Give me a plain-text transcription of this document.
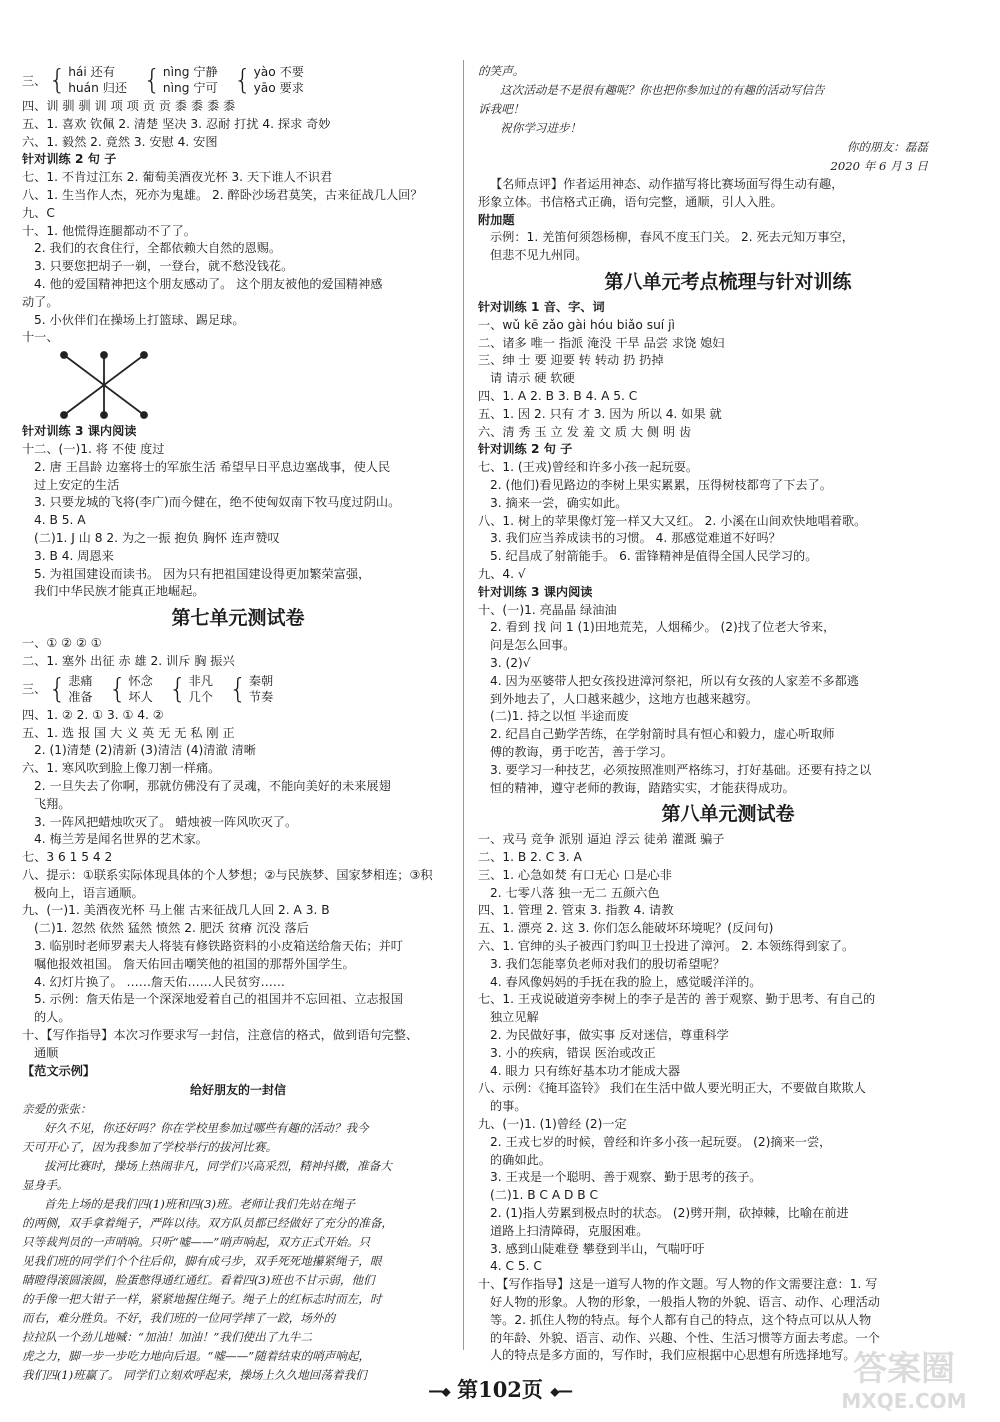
三、 { hái 还有
huán 归还 { nìng 宁静
nìng 宁可 { yào 不要
yāo 要求
四、训 驯 驯 训 项 项 贡 贡 黍 黍 黍 黍
五、1. 喜欢 钦佩 2. 清楚 坚决 3. 忍耐 打扰 4. 探求 奇妙
六、1. 毅然 2. 竟然 3. 安慰 4. 安图
针对训练 2 句 子
七、1. 不肯过江东 2. 葡萄美酒夜光杯 3. 天下谁人不识君
八、1. 生当作人杰，死亦为鬼雄。 2. 醉卧沙场君莫笑，古来征战几人回？
九、C
十、1. 他慌得连腿都动不了了。
2. 我们的衣食住行，全都依赖大自然的恩赐。
3. 只要您把胡子一剃，一登台，就不愁没钱花。
4. 他的爱国精神把这个朋友感动了。 这个朋友被他的爱国精神感
动了。
5. 小伙伴们在操场上打篮球、踢足球。
十一、
针对训练 3 课内阅读
十二、(一)1. 将 不使 度过
2. 唐 王昌龄 边塞将士的军旅生活 希望早日平息边塞战事，使人民
过上安定的生活
3. 只要龙城的飞将(李广)而今健在，绝不使匈奴南下牧马度过阴山。
4. B 5. A
(二)1. J 山 8 2. 为之一振 抱负 胸怀 连声赞叹
3. B 4. 周恩来
5. 为祖国建设而读书。 因为只有把祖国建设得更加繁荣富强，
我们中华民族才能真正地崛起。
第七单元测试卷
一、① ② ② ①
二、1. 塞外 出征 赤 雄 2. 训斥 胸 振兴
三、 { 悲痛
准备 { 怀念
坏人 { 非凡
几个 { 秦朝
节奏
四、1. ② 2. ① 3. ① 4. ②
五、1. 选 报 国 大 义 英 无 无 私 刚 正
2. (1)清楚 (2)清新 (3)清洁 (4)清澈 清晰
六、1. 寒风吹到脸上像刀割一样痛。
2. 一旦失去了你啊，那就仿佛没有了灵魂，不能向美好的未来展翅
飞翔。
3. 一阵风把蜡烛吹灭了。 蜡烛被一阵风吹灭了。
4. 梅兰芳是闻名世界的艺术家。
七、3 6 1 5 4 2
八、提示：①联系实际体现具体的个人梦想；②与民族梦、国家梦相连；③积
极向上，语言通顺。
九、(一)1. 美酒夜光杯 马上催 古来征战几人回 2. A 3. B
(二)1. 忽然 依然 猛然 愤然 2. 肥沃 贫瘠 沉没 落后
3. 临别时老师罗素夫人将装有修铁路资料的小皮箱送给詹天佑；并叮
嘱他报效祖国。 詹天佑回击嘲笑他的祖国的那帮外国学生。
4. 幻灯片换了。 ……詹天佑……人民贫穷……
5. 示例：詹天佑是一个深深地爱着自己的祖国并不忘回祖、立志报国
的人。
十、【写作指导】本次习作要求写一封信，注意信的格式，做到语句完整、
通顺
【范文示例】
给好朋友的一封信
亲爱的张张：
好久不见，你还好吗？你在学校里参加过哪些有趣的活动？我今
天可开心了，因为我参加了学校举行的拔河比赛。
拔河比赛时，操场上热闹非凡，同学们兴高采烈，精神抖擞，准备大
显身手。
首先上场的是我们四(1)班和四(3)班。老师让我们先站在绳子
的两侧，双手拿着绳子，严阵以待。双方队员都已经做好了充分的准备，
只等裁判员的一声哨响。只听“嘘——”哨声响起，双方正式开始。只
见我们班的同学们个个往后仰，脚有成弓步，双手死死地攥紧绳子，眼
睛瞪得滚圆滚圆，脸蛋憋得通红通红。看着四(3)班也不甘示弱，他们
的手像一把大钳子一样，紧紧地握住绳子。绳子上的红标志时而左，时
而右，难分胜负。不好，我们班的一位同学摔了一跤，场外的
拉拉队一个劲儿地喊：“加油！加油！”我们使出了九牛二
虎之力，脚一步一步吃力地向后退。“嘘——”随着结束的哨声响起，
我们四(1)班赢了。 同学们立刻欢呼起来，操场上久久地回荡着我们
的笑声。
这次活动是不是很有趣呢？你也把你参加过的有趣的活动写信告
诉我吧！
祝你学习进步！
你的朋友：磊磊
2020 年 6 月 3 日
【名师点评】作者运用神态、动作描写将比赛场面写得生动有趣，
形象立体。书信格式正确，语句完整，通顺，引人入胜。
附加题
示例：1. 羌笛何须怨杨柳，春风不度玉门关。 2. 死去元知万事空，
但悲不见九州同。
第八单元考点梳理与针对训练
针对训练 1 音、字、词
一、wǔ kē zǎo gài hóu biǎo suí jì
二、诸多 唯一 指派 淹没 干旱 品尝 求饶 媳妇
三、绅 士 要 迎要 转 转动 扔 扔掉
请 请示 硬 软硬
四、1. A 2. B 3. B 4. A 5. C
五、1. 因 2. 只有 才 3. 因为 所以 4. 如果 就
六、清 秀 玉 立 发 羞 文 质 大 侧 明 齿
针对训练 2 句 子
七、1. (王戎)曾经和许多小孩一起玩耍。
2. (他们)看见路边的李树上果实累累，压得树枝都弯了下去了。
3. 摘来一尝，确实如此。
八、1. 树上的苹果像灯笼一样又大又红。 2. 小溪在山间欢快地唱着歌。
3. 我们应当养成读书的习惯。 4. 那感觉难道不好吗？
5. 纪昌成了射箭能手。 6. 雷锋精神是值得全国人民学习的。
九、4. √
针对训练 3 课内阅读
十、(一)1. 亮晶晶 绿油油
2. 看到 找 问 1 (1)田地荒芜，人烟稀少。 (2)找了位老大爷来，
问是怎么回事。
3. (2)√
4. 因为巫婆带人把女孩投进漳河祭祀，所以有女孩的人家差不多都逃
到外地去了，人口越来越少，这地方也越来越穷。
(二)1. 持之以恒 半途而废
2. 纪昌自己勤学苦练，在学射箭时具有恒心和毅力，虚心听取师
傅的教诲，勇于吃苦，善于学习。
3. 要学习一种技艺，必须按照准则严格练习，打好基础。还要有持之以
恒的精神，遵守老师的教诲，踏踏实实，才能获得成功。
第八单元测试卷
一、戎马 竞争 派别 逼迫 浮云 徒弟 灌溉 骗子
二、1. B 2. C 3. A
三、1. 心急如焚 有口无心 口是心非
2. 七零八落 独一无二 五颜六色
四、1. 管理 2. 管束 3. 指教 4. 请教
五、1. 漂亮 2. 这 3. 你们怎么能破坏环境呢？(反问句)
六、1. 官绅的头子被西门豹叫卫士投进了漳河。 2. 本领练得到家了。
3. 我们怎能辜负老师对我们的殷切希望呢？
4. 春风像妈妈的手抚在我的脸上，感觉暖洋洋的。
七、1. 王戎说破道旁李树上的李子是苦的 善于观察、勤于思考、有自己的
独立见解
2. 为民做好事，做实事 反对迷信，尊重科学
3. 小的疾病，错误 医治或改正
4. 眼力 只有练好基本功才能成大器
八、示例：《掩耳盗铃》 我们在生活中做人要光明正大，不要做自欺欺人
的事。
九、(一)1. (1)曾经 (2)一定
2. 王戎七岁的时候，曾经和许多小孩一起玩耍。 (2)摘来一尝，
的确如此。
3. 王戎是一个聪明、善于观察、勤于思考的孩子。
(二)1. B C A D B C
2. (1)指人劳累到极点时的状态。 (2)劈开荆，砍掉棘，比喻在前进
道路上扫清障碍，克服困难。
3. 感到山陡难登 攀登到半山，气喘吁吁
4. C 5. C
十、【写作指导】这是一道写人物的作文题。写人物的作文需要注意：1. 写
好人物的形象。人物的形象，一般指人物的外貌、语言、动作、心理活动
等。2. 抓住人物的特点。每个人都有自己的特点，这个特点可以从人物
的年龄、外貌、语言、动作、兴趣、个性、生活习惯等方面去考虑。一个
人的特点是多方面的，写作时，我们应根据中心思想有所选择地写。
━━◆ 第102页 ◆━━
答案圈
MXQE.COM
